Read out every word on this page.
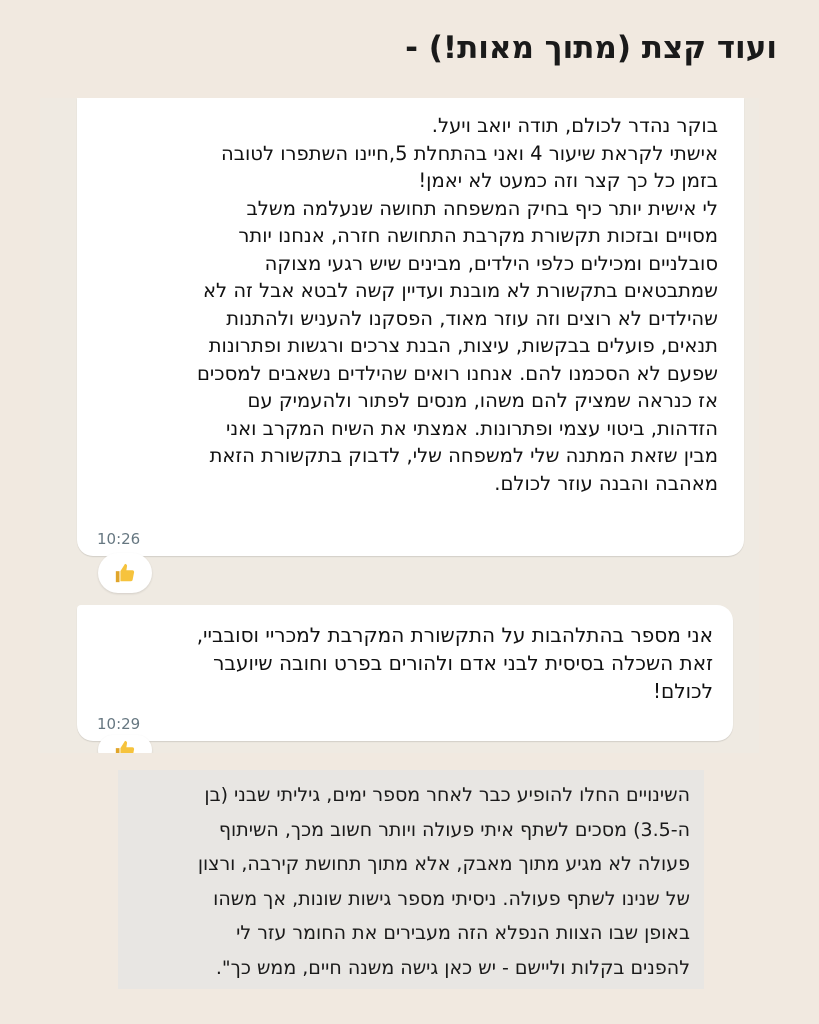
ועוד קצת (מתוך מאות!) -
בוקר נהדר לכולם, תודה יואב ויעל.
אישתי לקראת שיעור 4 ואני בהתחלת 5,חיינו השתפרו לטובה
בזמן כל כך קצר וזה כמעט לא יאמן!
לי אישית יותר כיף בחיק המשפחה תחושה שנעלמה משלב
מסויים ובזכות תקשורת מקרבת התחושה חזרה, אנחנו יותר
סובלניים ומכילים כלפי הילדים, מבינים שיש רגעי מצוקה
שמתבטאים בתקשורת לא מובנת ועדיין קשה לבטא אבל זה לא
שהילדים לא רוצים וזה עוזר מאוד, הפסקנו להעניש ולהתנות
תנאים, פועלים בבקשות, עיצות, הבנת צרכים ורגשות ופתרונות
שפעם לא הסכמנו להם. אנחנו רואים שהילדים נשאבים למסכים
אז כנראה שמציק להם משהו, מנסים לפתור ולהעמיק עם
הזדהות, ביטוי עצמי ופתרונות. אמצתי את השיח המקרב ואני
מבין שזאת המתנה שלי למשפחה שלי, לדבוק בתקשורת הזאת
מאהבה והבנה עוזר לכולם.
10:26
אני מספר בהתלהבות על התקשורת המקרבת למכריי וסובביי,
זאת השכלה בסיסית לבני אדם ולהורים בפרט וחובה שיועבר
לכולם!
10:29
השינויים החלו להופיע כבר לאחר מספר ימים, גיליתי שבני (בן
ה-3.5) מסכים לשתף איתי פעולה ויותר חשוב מכך, השיתוף
פעולה לא מגיע מתוך מאבק, אלא מתוך תחושת קירבה, ורצון
של שנינו לשתף פעולה. ניסיתי מספר גישות שונות, אך משהו
באופן שבו הצוות הנפלא הזה מעבירים את החומר עזר לי
להפנים בקלות וליישם - יש כאן גישה משנה חיים, ממש כך".
